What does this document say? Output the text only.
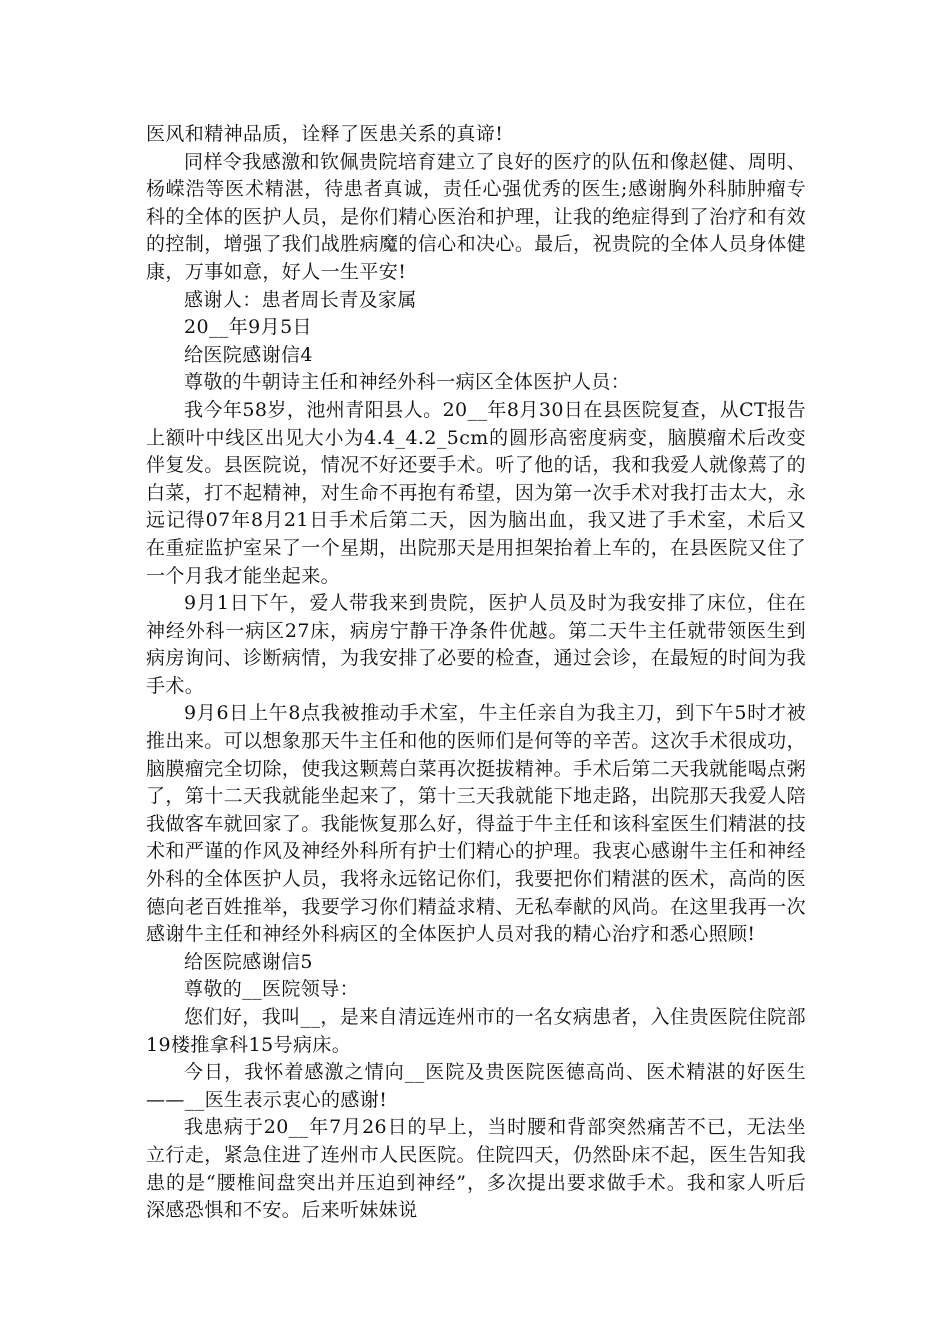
医风和精神品质，诠释了医患关系的真谛!

同样令我感激和钦佩贵院培育建立了良好的医疗的队伍和像赵健、周明、杨嵘浩等医术精湛，待患者真诚，责任心强优秀的医生;感谢胸外科肺肿瘤专科的全体的医护人员，是你们精心医治和护理，让我的绝症得到了治疗和有效的控制，增强了我们战胜病魔的信心和决心。最后，祝贵院的全体人员身体健康，万事如意，好人一生平安!

感谢人：患者周长青及家属

20__年9月5日

给医院感谢信4

尊敬的牛朝诗主任和神经外科一病区全体医护人员：

我今年58岁，池州青阳县人。20__年8月30日在县医院复查，从CT报告上额叶中线区出见大小为4.4_4.2_5cm的圆形高密度病变，脑膜瘤术后改变伴复发。县医院说，情况不好还要手术。听了他的话，我和我爱人就像蔫了的白菜，打不起精神，对生命不再抱有希望，因为第一次手术对我打击太大，永远记得07年8月21日手术后第二天，因为脑出血，我又进了手术室，术后又在重症监护室呆了一个星期，出院那天是用担架抬着上车的，在县医院又住了一个月我才能坐起来。

9月1日下午，爱人带我来到贵院，医护人员及时为我安排了床位，住在神经外科一病区27床，病房宁静干净条件优越。第二天牛主任就带领医生到病房询问、诊断病情，为我安排了必要的检查，通过会诊，在最短的时间为我手术。

9月6日上午8点我被推动手术室，牛主任亲自为我主刀，到下午5时才被推出来。可以想象那天牛主任和他的医师们是何等的辛苦。这次手术很成功，脑膜瘤完全切除，使我这颗蔫白菜再次挺拔精神。手术后第二天我就能喝点粥了，第十二天我就能坐起来了，第十三天我就能下地走路，出院那天我爱人陪我做客车就回家了。我能恢复那么好，得益于牛主任和该科室医生们精湛的技术和严谨的作风及神经外科所有护士们精心的护理。我衷心感谢牛主任和神经外科的全体医护人员，我将永远铭记你们，我要把你们精湛的医术，高尚的医德向老百姓推举，我要学习你们精益求精、无私奉献的风尚。在这里我再一次感谢牛主任和神经外科病区的全体医护人员对我的精心治疗和悉心照顾!

给医院感谢信5

尊敬的__医院领导：

您们好，我叫__，是来自清远连州市的一名女病患者，入住贵医院住院部19楼推拿科15号病床。

今日，我怀着感激之情向__医院及贵医院医德高尚、医术精湛的好医生——__医生表示衷心的感谢!

我患病于20__年7月26日的早上，当时腰和背部突然痛苦不已，无法坐立行走，紧急住进了连州市人民医院。住院四天，仍然卧床不起，医生告知我患的是“腰椎间盘突出并压迫到神经”，多次提出要求做手术。我和家人听后深感恐惧和不安。后来听妹妹说
